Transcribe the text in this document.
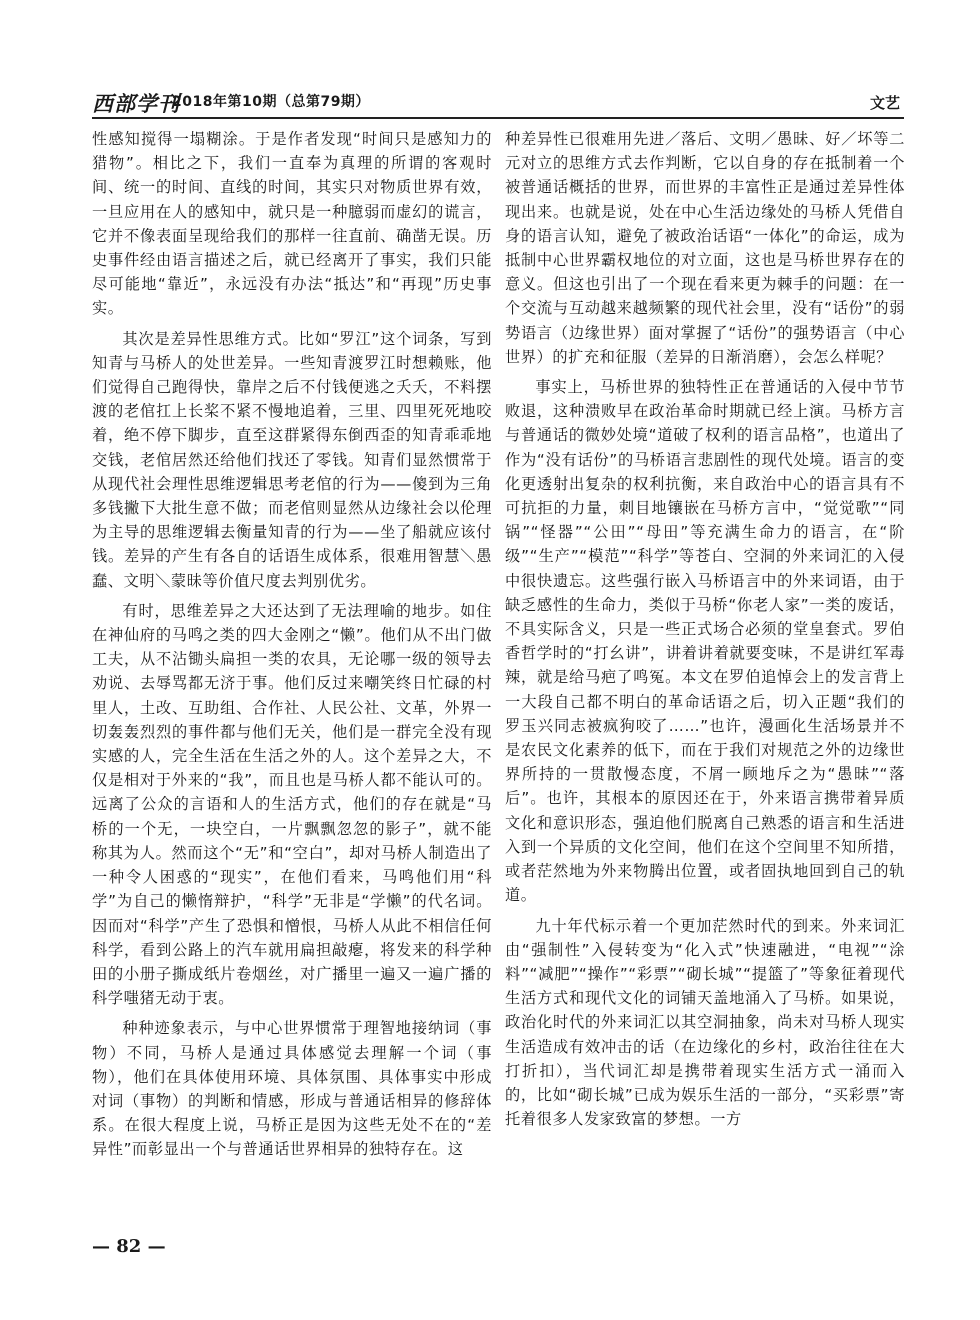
西部学刊
2018年第10期（总第79期）	文艺

性感知搅得一塌糊涂。于是作者发现“时间只是感知力的猎物”。相比之下，我们一直奉为真理的所谓的客观时间、统一的时间、直线的时间，其实只对物质世界有效，一旦应用在人的感知中，就只是一种臆弱而虚幻的谎言，它并不像表面呈现给我们的那样一往直前、确凿无误。历史事件经由语言描述之后，就已经离开了事实，我们只能尽可能地“靠近”，永远没有办法“抵达”和“再现”历史事实。

其次是差异性思维方式。比如“罗江”这个词条，写到知青与马桥人的处世差异。一些知青渡罗江时想赖账，他们觉得自己跑得快，靠岸之后不付钱便逃之夭夭，不料摆渡的老倌扛上长桨不紧不慢地追着，三里、四里死死地咬着，绝不停下脚步，直至这群紧得东倒西歪的知青乖乖地交钱，老倌居然还给他们找还了零钱。知青们显然惯常于从现代社会理性思维逻辑思考老倌的行为——傻到为三角多钱撇下大批生意不做；而老倌则显然从边缘社会以伦理为主导的思维逻辑去衡量知青的行为——坐了船就应该付钱。差异的产生有各自的话语生成体系，很难用智慧＼愚蠢、文明＼蒙昧等价值尺度去判别优劣。

有时，思维差异之大还达到了无法理喻的地步。如住在神仙府的马鸣之类的四大金刚之“懒”。他们从不出门做工夫，从不沾锄头扁担一类的农具，无论哪一级的领导去劝说、去辱骂都无济于事。他们反过来嘲笑终日忙碌的村里人，土改、互助组、合作社、人民公社、文革，外界一切轰轰烈烈的事件都与他们无关，他们是一群完全没有现实感的人，完全生活在生活之外的人。这个差异之大，不仅是相对于外来的“我”，而且也是马桥人都不能认可的。远离了公众的言语和人的生活方式，他们的存在就是“马桥的一个无，一块空白，一片飘飘忽忽的影子”，就不能称其为人。然而这个“无”和“空白”，却对马桥人制造出了一种令人困惑的“现实”，在他们看来，马鸣他们用“科学”为自己的懒惰辩护，“科学”无非是“学懒”的代名词。因而对“科学”产生了恐惧和憎恨，马桥人从此不相信任何科学，看到公路上的汽车就用扁担敲瘪，将发来的科学种田的小册子撕成纸片卷烟丝，对广播里一遍又一遍广播的科学嗤猪无动于衷。

种种迹象表示，与中心世界惯常于理智地接纳词（事物）不同，马桥人是通过具体感觉去理解一个词（事物），他们在具体使用环境、具体氛围、具体事实中形成对词（事物）的判断和情感，形成与普通话相异的修辞体系。在很大程度上说，马桥正是因为这些无处不在的“差异性”而彰显出一个与普通话世界相异的独特存在。这

种差异性已很难用先进／落后、文明／愚昧、好／坏等二元对立的思维方式去作判断，它以自身的存在抵制着一个被普通话概括的世界，而世界的丰富性正是通过差异性体现出来。也就是说，处在中心生活边缘处的马桥人凭借自身的语言认知，避免了被政治话语“一体化”的命运，成为抵制中心世界霸权地位的对立面，这也是马桥世界存在的意义。但这也引出了一个现在看来更为棘手的问题：在一个交流与互动越来越频繁的现代社会里，没有“话份”的弱势语言（边缘世界）面对掌握了“话份”的强势语言（中心世界）的扩充和征服（差异的日渐消磨），会怎么样呢？

事实上，马桥世界的独特性正在普通话的入侵中节节败退，这种溃败早在政治革命时期就已经上演。马桥方言与普通话的微妙处境“道破了权利的语言品格”，也道出了作为“没有话份”的马桥语言悲剧性的现代处境。语言的变化更透射出复杂的权利抗衡，来自政治中心的语言具有不可抗拒的力量，刺目地镶嵌在马桥方言中，“觉觉歌”“同锅”“怪器”“公田”“母田”等充满生命力的语言，在“阶级”“生产”“模范”“科学”等苍白、空洞的外来词汇的入侵中很快遗忘。这些强行嵌入马桥语言中的外来词语，由于缺乏感性的生命力，类似于马桥“你老人家”一类的废话，不具实际含义，只是一些正式场合必须的堂皇套式。罗伯香哲学时的“打幺讲”，讲着讲着就要变味，不是讲红军毒辣，就是给马疤了鸣冤。本文在罗伯追悼会上的发言背上一大段自己都不明白的革命话语之后，切入正题“我们的罗玉兴同志被疯狗咬了……”也许，漫画化生活场景并不是农民文化素养的低下，而在于我们对规范之外的边缘世界所持的一贯散慢态度，不屑一顾地斥之为“愚昧”“落后”。也许，其根本的原因还在于，外来语言携带着异质文化和意识形态，强迫他们脱离自己熟悉的语言和生活进入到一个异质的文化空间，他们在这个空间里不知所措，或者茫然地为外来物腾出位置，或者固执地回到自己的轨道。

九十年代标示着一个更加茫然时代的到来。外来词汇由“强制性”入侵转变为“化入式”快速融进，“电视”“涂料”“减肥”“操作”“彩票”“砌长城”“提篮了”等象征着现代生活方式和现代文化的词铺天盖地涌入了马桥。如果说，政治化时代的外来词汇以其空洞抽象，尚未对马桥人现实生活造成有效冲击的话（在边缘化的乡村，政治往往在大打折扣），当代词汇却是携带着现实生活方式一涌而入的，比如“砌长城”已成为娱乐生活的一部分，“买彩票”寄托着很多人发家致富的梦想。一方

— 82 —
